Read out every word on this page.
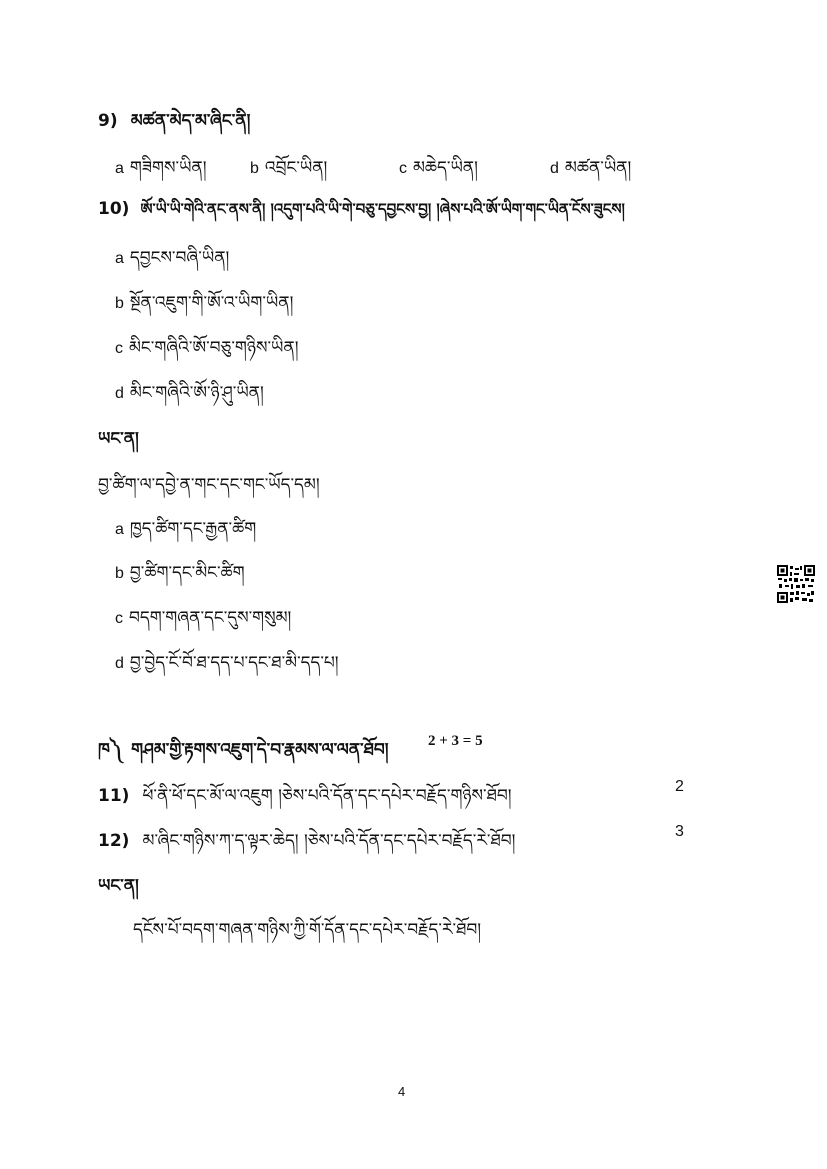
9) མཚན་མེད་མ་ཞིང་ནི།
a གཟིགས་ཡིན།	b འབྲོང་ཡིན།	c མཆེད་ཡིན།	d མཚན་ཡིན།
10) ཨོ་ཡི་ཡི་གེའི་ནང་ནས་ནི། །འདུག་པའི་ཡི་གེ་བཅུ་དབྱངས་བྱ། །ཞེས་པའི་ཨོ་ཡིག་གང་ཡིན་ངོས་ཟུངས།
a དབྱངས་བཞི་ཡིན།
b སྔོན་འཇུག་གི་ཨོ་འ་ཡིག་ཡིན།
c མིང་གཞིའི་ཨོ་བཅུ་གཉིས་ཡིན།
d མིང་གཞིའི་ཨོ་ཉི་ཤུ་ཡིན།
ཡང་ན།
བྱ་ཚིག་ལ་དབྱེ་ན་གང་དང་གང་ཡོད་དམ།
a ཁྱད་ཚིག་དང་རྒྱན་ཚིག
b བྱ་ཚིག་དང་མིང་ཚིག
c བདག་གཞན་དང་དུས་གསུམ།
d བྱ་བྱེད་ངོ་བོ་ཐ་དད་པ་དང་ཐ་མི་དད་པ།
ཁ༽ གཤམ་གྱི་རྟགས་འཇུག་དེ་བ་རྣམས་ལ་ལན་ཐོབ།	2 + 3 = 5
11) ཕོ་ནི་ཕོ་དང་མོ་ལ་འཇུག །ཅེས་པའི་དོན་དང་དཔེར་བརྗོད་གཉིས་ཐོབ།	2
12) མ་ཞིང་གཉིས་ཀ་ད་ལྟར་ཆེད། །ཅེས་པའི་དོན་དང་དཔེར་བརྗོད་རེ་ཐོབ།	3
ཡང་ན།
དངོས་པོ་བདག་གཞན་གཉིས་ཀྱི་གོ་དོན་དང་དཔེར་བརྗོད་རེ་ཐོབ།
4
